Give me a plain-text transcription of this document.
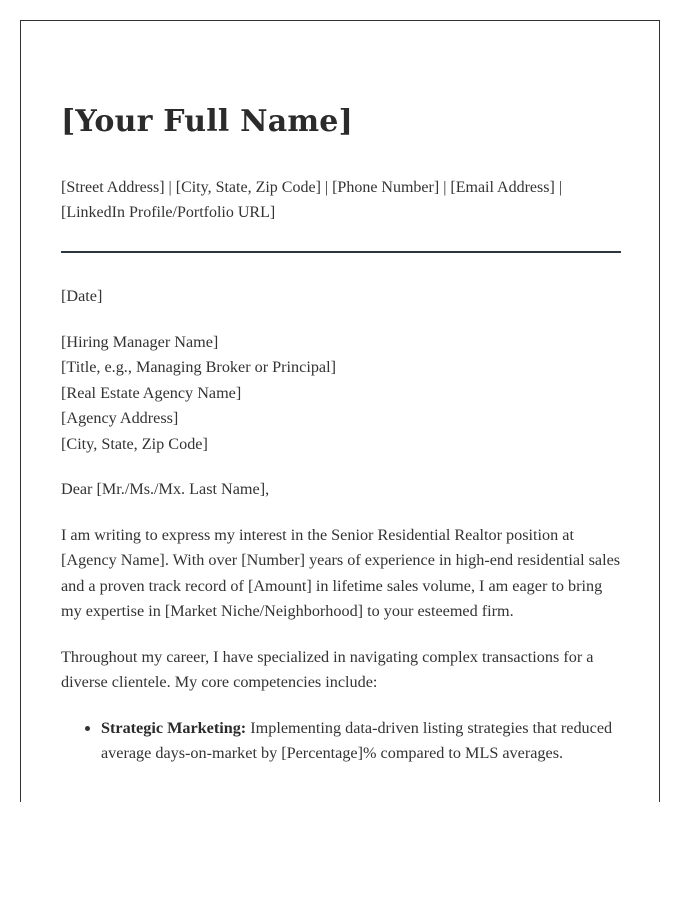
[Your Full Name]
[Street Address] | [City, State, Zip Code] | [Phone Number] | [Email Address] |
[LinkedIn Profile/Portfolio URL]

[Date]

[Hiring Manager Name]
[Title, e.g., Managing Broker or Principal]
[Real Estate Agency Name]
[Agency Address]
[City, State, Zip Code]

Dear [Mr./Ms./Mx. Last Name],

I am writing to express my interest in the Senior Residential Realtor position at [Agency Name]. With over [Number] years of experience in high-end residential sales and a proven track record of [Amount] in lifetime sales volume, I am eager to bring my expertise in [Market Niche/Neighborhood] to your esteemed firm.

Throughout my career, I have specialized in navigating complex transactions for a diverse clientele. My core competencies include:

• Strategic Marketing: Implementing data-driven listing strategies that reduced average days-on-market by [Percentage]% compared to MLS averages.
